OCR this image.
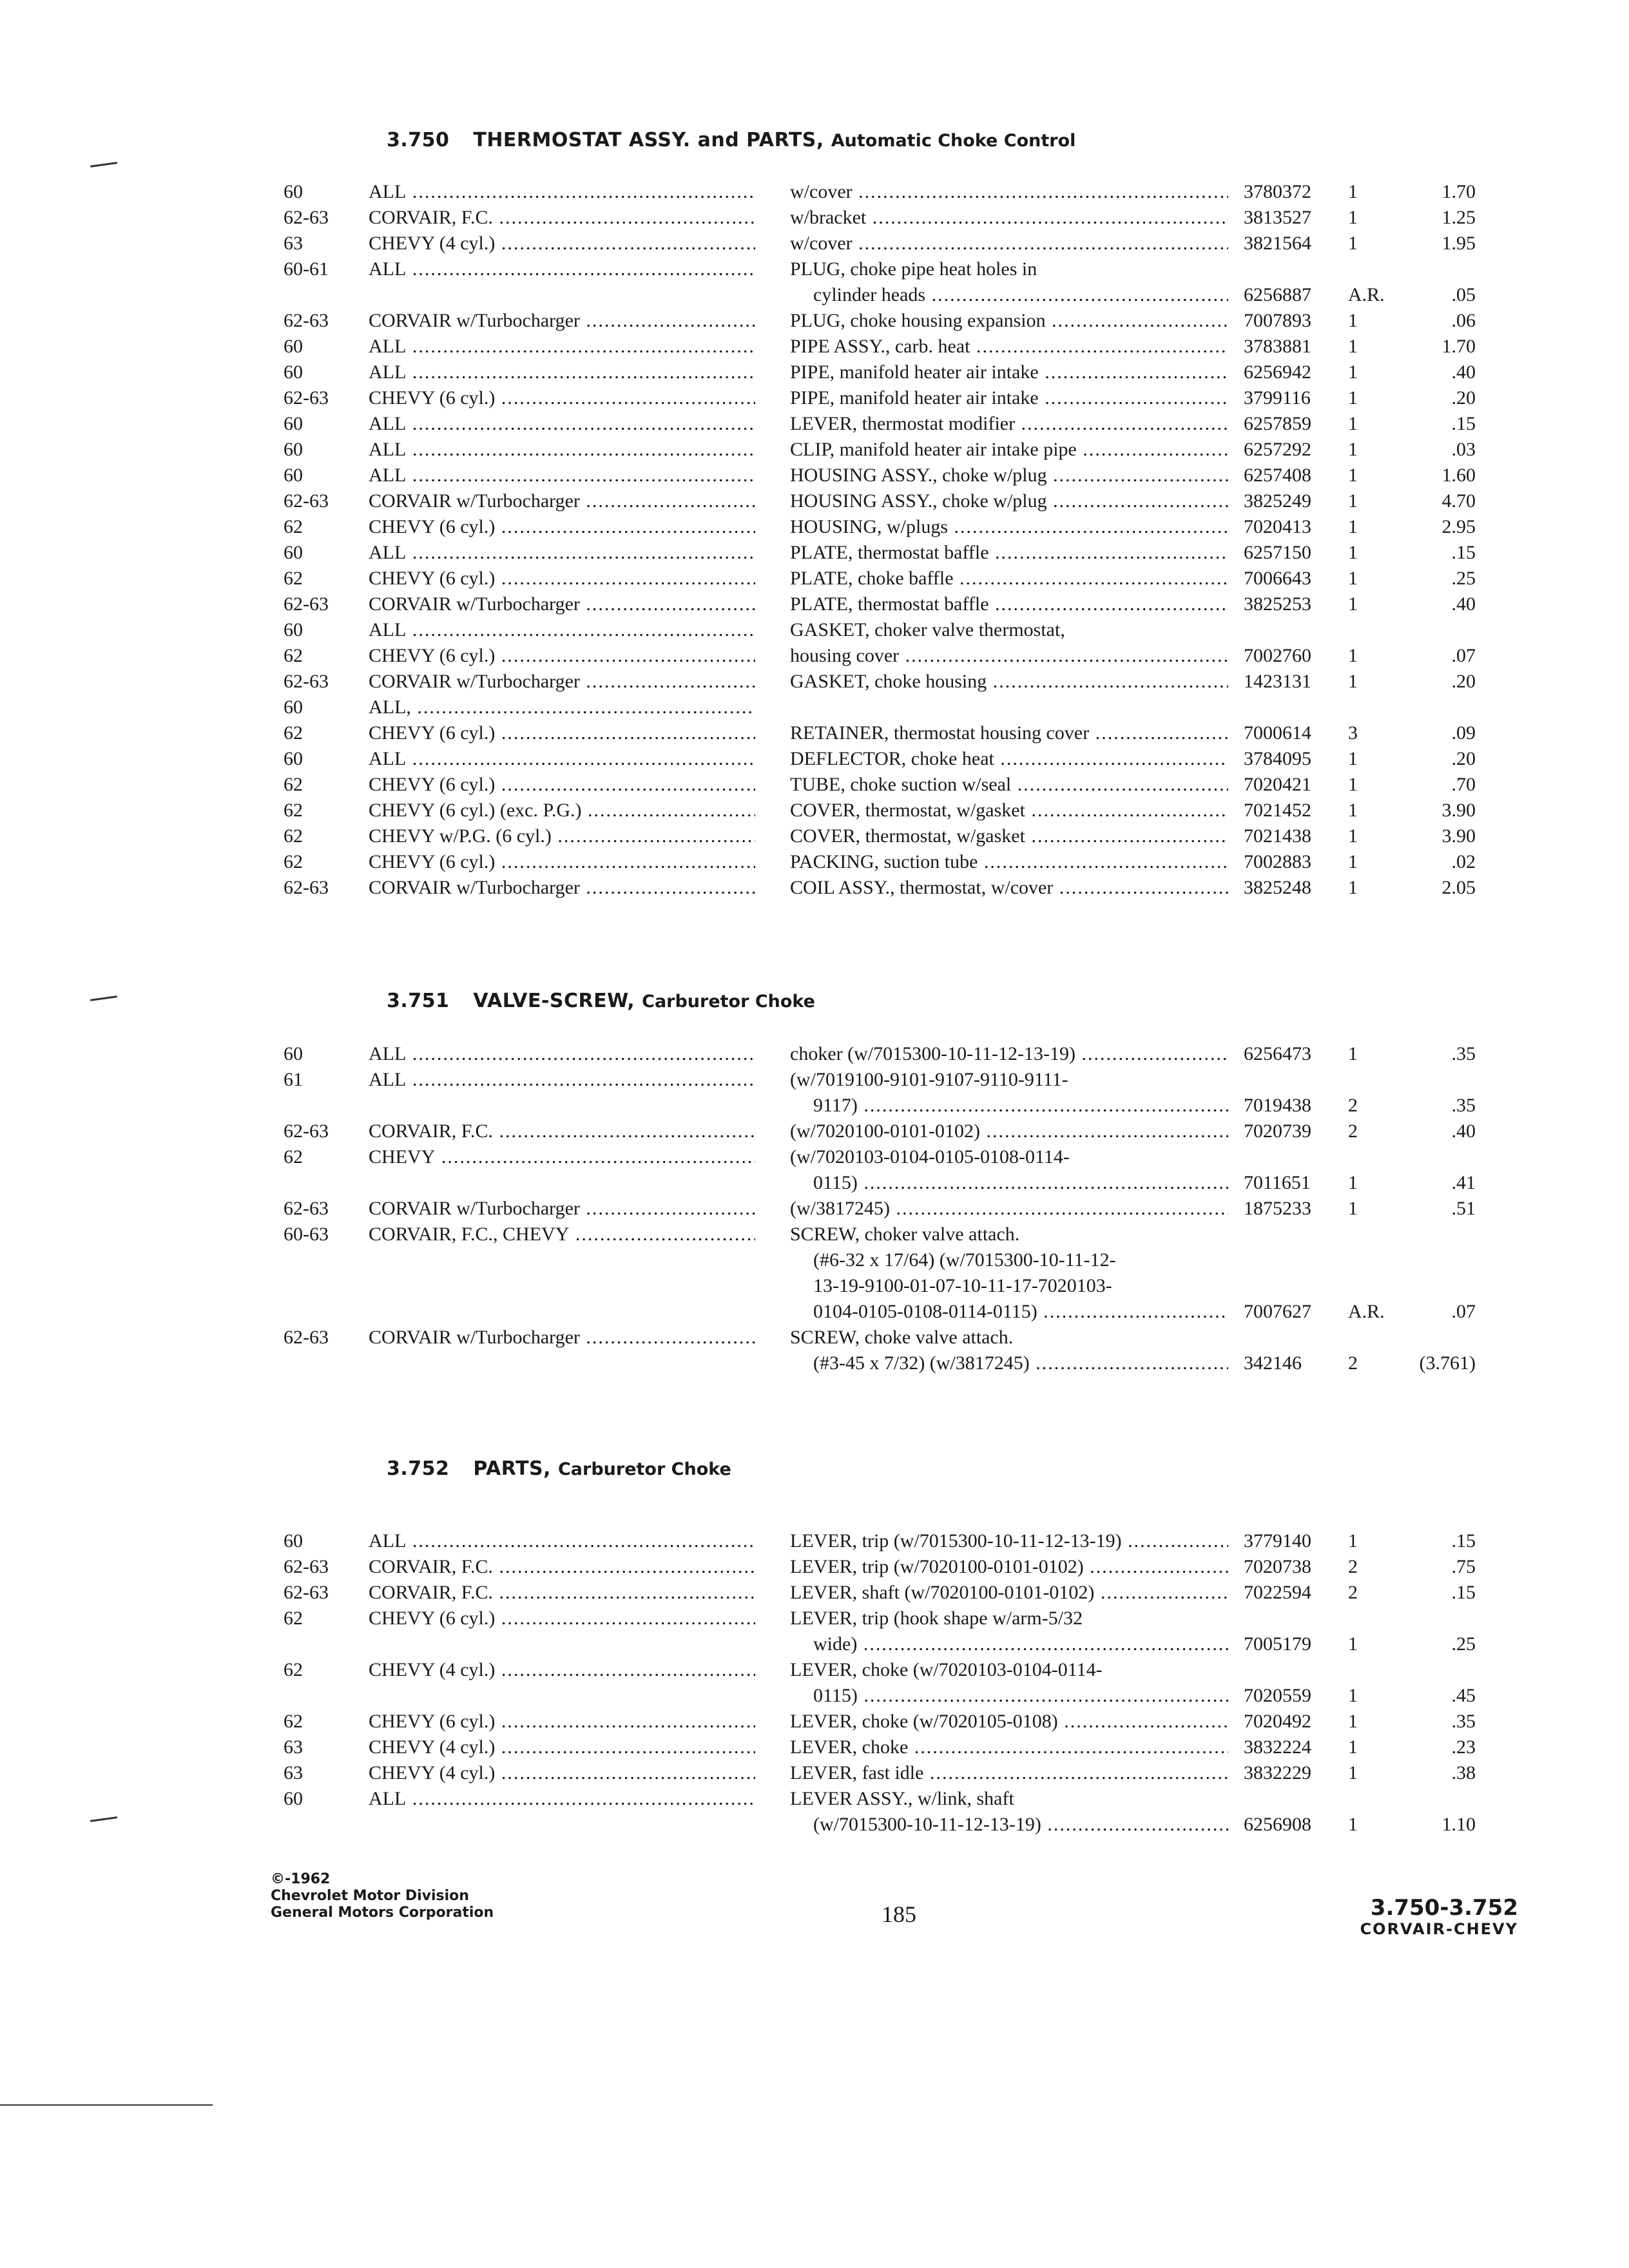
3.750 THERMOSTAT ASSY. and PARTS, Automatic Choke Control
60	ALL .....	w/cover .....	3780372 1	1.70
62-63 CORVAIR, F.C. .....	w/bracket .....	3813527 1	1.25
63	CHEVY (4 cyl.) .....	w/cover .....	3821564 1	1.95
60-61 ALL .....	PLUG, choke pipe heat holes in
cylinder heads .....	6256887 A.R.	.05
62-63 CORVAIR w/Turbocharger .....	PLUG, choke housing expansion .....	7007893 1	.06
60	ALL .....	PIPE ASSY., carb. heat .....	3783881 1	1.70
60	ALL .....	PIPE, manifold heater air intake .....	6256942 1	.40
62-63 CHEVY (6 cyl.) .....	PIPE, manifold heater air intake .....	3799116 1	.20
60	ALL .....	LEVER, thermostat modifier .....	6257859 1	.15
60	ALL .....	CLIP, manifold heater air intake pipe .....	6257292 1	.03
60	ALL .....	HOUSING ASSY., choke w/plug .....	6257408 1	1.60
62-63 CORVAIR w/Turbocharger .....	HOUSING ASSY., choke w/plug .....	3825249 1	4.70
62	CHEVY (6 cyl.) .....	HOUSING, w/plugs .....	7020413 1	2.95
60	ALL .....	PLATE, thermostat baffle .....	6257150 1	.15
62	CHEVY (6 cyl.) .....	PLATE, choke baffle .....	7006643 1	.25
62-63 CORVAIR w/Turbocharger .....	PLATE, thermostat baffle .....	3825253 1	.40
60	ALL .....	GASKET, choker valve thermostat,
62	CHEVY (6 cyl.) .....	housing cover .....	7002760 1	.07
62-63 CORVAIR w/Turbocharger .....	GASKET, choke housing .....	1423131 1	.20
60	ALL, .....
62	CHEVY (6 cyl.) .....	RETAINER, thermostat housing cover .....	7000614 3	.09
60	ALL .....	DEFLECTOR, choke heat .....	3784095 1	.20
62	CHEVY (6 cyl.) .....	TUBE, choke suction w/seal .....	7020421 1	.70
62	CHEVY (6 cyl.) (exc. P.G.) .....	COVER, thermostat, w/gasket .....	7021452 1	3.90
62	CHEVY w/P.G. (6 cyl.) .....	COVER, thermostat, w/gasket .....	7021438 1	3.90
62	CHEVY (6 cyl.) .....	PACKING, suction tube .....	7002883 1	.02
62-63 CORVAIR w/Turbocharger .....	COIL ASSY., thermostat, w/cover .....	3825248 1	2.05
3.751 VALVE-SCREW, Carburetor Choke
60	ALL .....	choker (w/7015300-10-11-12-13-19) .....	6256473 1	.35
61	ALL .....	(w/7019100-9101-9107-9110-9111-
9117) .....	7019438 2	.35
62-63 CORVAIR, F.C. .....	(w/7020100-0101-0102) .....	7020739 2	.40
62	CHEVY .....	(w/7020103-0104-0105-0108-0114-
0115) .....	7011651 1	.41
62-63 CORVAIR w/Turbocharger .....	(w/3817245) .....	1875233 1	.51
60-63 CORVAIR, F.C., CHEVY .....	SCREW, choker valve attach.
(#6-32 x 17/64) (w/7015300-10-11-12-
13-19-9100-01-07-10-11-17-7020103-
0104-0105-0108-0114-0115) .....	7007627 A.R.	.07
62-63 CORVAIR w/Turbocharger .....	SCREW, choke valve attach.
(#3-45 x 7/32) (w/3817245) .....	342146 2	(3.761)
3.752 PARTS, Carburetor Choke
60	ALL .....	LEVER, trip (w/7015300-10-11-12-13-19) .....	3779140 1	.15
62-63 CORVAIR, F.C. .....	LEVER, trip (w/7020100-0101-0102) .....	7020738 2	.75
62-63 CORVAIR, F.C. .....	LEVER, shaft (w/7020100-0101-0102) .....	7022594 2	.15
62	CHEVY (6 cyl.) .....	LEVER, trip (hook shape w/arm-5/32
wide) .....	7005179 1	.25
62	CHEVY (4 cyl.) .....	LEVER, choke (w/7020103-0104-0114-
0115) .....	7020559 1	.45
62	CHEVY (6 cyl.) .....	LEVER, choke (w/7020105-0108) .....	7020492 1	.35
63	CHEVY (4 cyl.) .....	LEVER, choke .....	3832224 1	.23
63	CHEVY (4 cyl.) .....	LEVER, fast idle .....	3832229 1	.38
60	ALL .....	LEVER ASSY., w/link, shaft
(w/7015300-10-11-12-13-19) .....	6256908 1	1.10
©-1962
Chevrolet Motor Division
General Motors Corporation	185	3.750-3.752
CORVAIR-CHEVY
